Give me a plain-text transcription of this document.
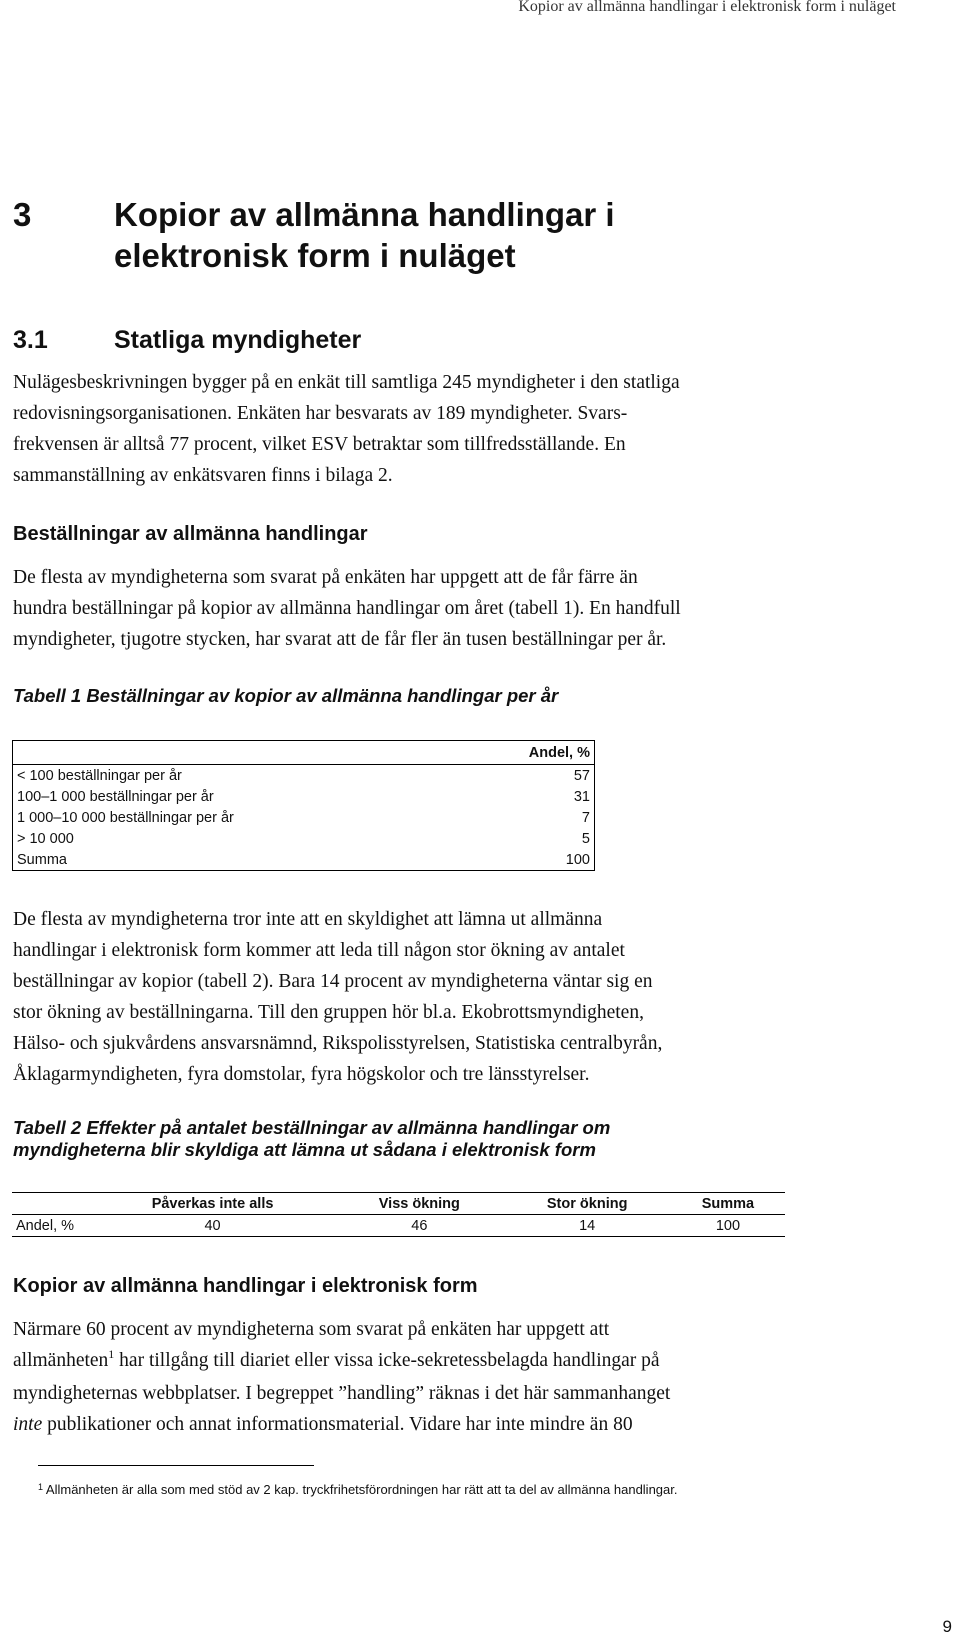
Kopior av allmänna handlingar i elektronisk form i nuläget
3	Kopior av allmänna handlingar i
elektronisk form i nuläget
3.1	Statliga myndigheter
Nulägesbeskrivningen bygger på en enkät till samtliga 245 myndigheter i den statliga
redovisningsorganisationen. Enkäten har besvarats av 189 myndigheter. Svars-
frekvensen är alltså 77 procent, vilket ESV betraktar som tillfredsställande. En
sammanställning av enkätsvaren finns i bilaga 2.
Beställningar av allmänna handlingar
De flesta av myndigheterna som svarat på enkäten har uppgett att de får färre än
hundra beställningar på kopior av allmänna handlingar om året (tabell 1). En handfull
myndigheter, tjugotre stycken, har svarat att de får fler än tusen beställningar per år.
Tabell 1 Beställningar av kopior av allmänna handlingar per år
	Andel, %
< 100 beställningar per år	57
100–1 000 beställningar per år	31
1 000–10 000 beställningar per år	7
> 10 000	5
Summa	100
De flesta av myndigheterna tror inte att en skyldighet att lämna ut allmänna
handlingar i elektronisk form kommer att leda till någon stor ökning av antalet
beställningar av kopior (tabell 2). Bara 14 procent av myndigheterna väntar sig en
stor ökning av beställningarna. Till den gruppen hör bl.a. Ekobrottsmyndigheten,
Hälso- och sjukvårdens ansvarsnämnd, Rikspolisstyrelsen, Statistiska centralbyrån,
Åklagarmyndigheten, fyra domstolar, fyra högskolor och tre länsstyrelser.
Tabell 2 Effekter på antalet beställningar av allmänna handlingar om
myndigheterna blir skyldiga att lämna ut sådana i elektronisk form
	Påverkas inte alls	Viss ökning	Stor ökning	Summa
Andel, %	40	46	14	100
Kopior av allmänna handlingar i elektronisk form
Närmare 60 procent av myndigheterna som svarat på enkäten har uppgett att
allmänheten$^1$ har tillgång till diariet eller vissa icke-sekretessbelagda handlingar på
myndigheternas webbplatser. I begreppet ”handling” räknas i det här sammanhanget
inte publikationer och annat informationsmaterial. Vidare har inte mindre än 80
$^1$ Allmänheten är alla som med stöd av 2 kap. tryckfrihetsförordningen har rätt att ta del av allmänna handlingar.
9
